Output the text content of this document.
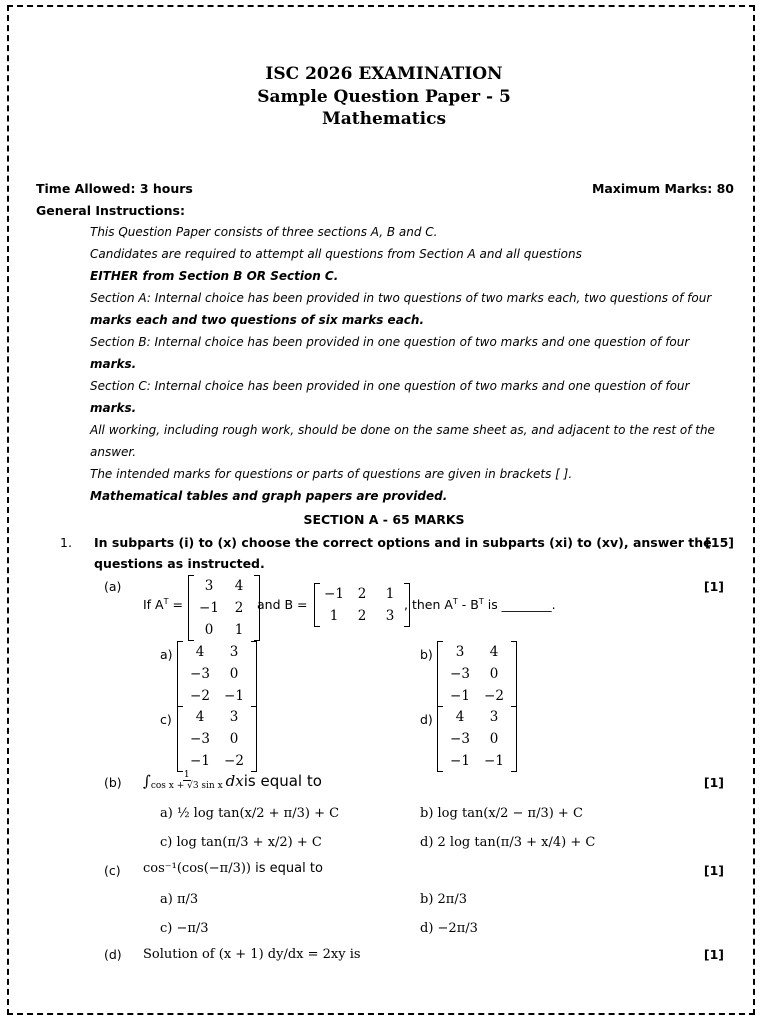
ISC 2026 EXAMINATION
Sample Question Paper - 5
Mathematics
Time Allowed: 3 hours	Maximum Marks: 80
General Instructions:
This Question Paper consists of three sections A, B and C.
Candidates are required to attempt all questions from Section A and all questions
EITHER from Section B OR Section C.
Section A: Internal choice has been provided in two questions of two marks each, two questions of four
marks each and two questions of six marks each.
Section B: Internal choice has been provided in one question of two marks and one question of four
marks.
Section C: Internal choice has been provided in one question of two marks and one question of four
marks.
All working, including rough work, should be done on the same sheet as, and adjacent to the rest of the
answer.
The intended marks for questions or parts of questions are given in brackets [ ].
Mathematical tables and graph papers are provided.
SECTION A - 65 MARKS
1. In subparts (i) to (x) choose the correct options and in subparts (xi) to (xv), answer the
questions as instructed.
[15]
(a)	[1]
If $A^T$ =
3	4
−1	2
0	1
and B =
−1	2	1
1	2	3
, then $A^T - B^T$ is ________.
a)	4	3
−3	0
−2	−1
b)	3	4
−3	0
−1	−2
c)	4	3
−3	0
−1	−2
d)	4	3
−3	0
−1	−1
(b)	[1]
∫ $\frac{1}{\text{cos x + √3 sin x}}$ dx is equal to
a) ½ log tan(x/2 + π/3) + C	b) log tan(x/2 − π/3) + C
c) log tan(π/3 + x/2) + C	d) 2 log tan(π/3 + x/4) + C
(c)	[1]
cos⁻¹(cos(−π/3)) is equal to
a) π/3	b) 2π/3
c) −π/3	d) −2π/3
(d)	[1]
Solution of (x + 1) dy/dx = 2xy is
